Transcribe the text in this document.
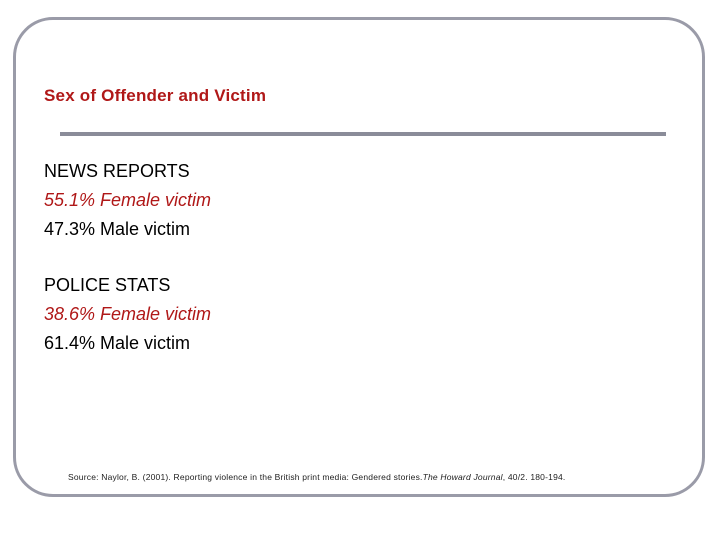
Sex of Offender and Victim
NEWS REPORTS
55.1% Female victim
47.3% Male victim
POLICE STATS
38.6% Female victim
61.4% Male victim
Source: Naylor, B. (2001). Reporting violence in the British print media: Gendered stories.The Howard Journal, 40/2. 180-194.
